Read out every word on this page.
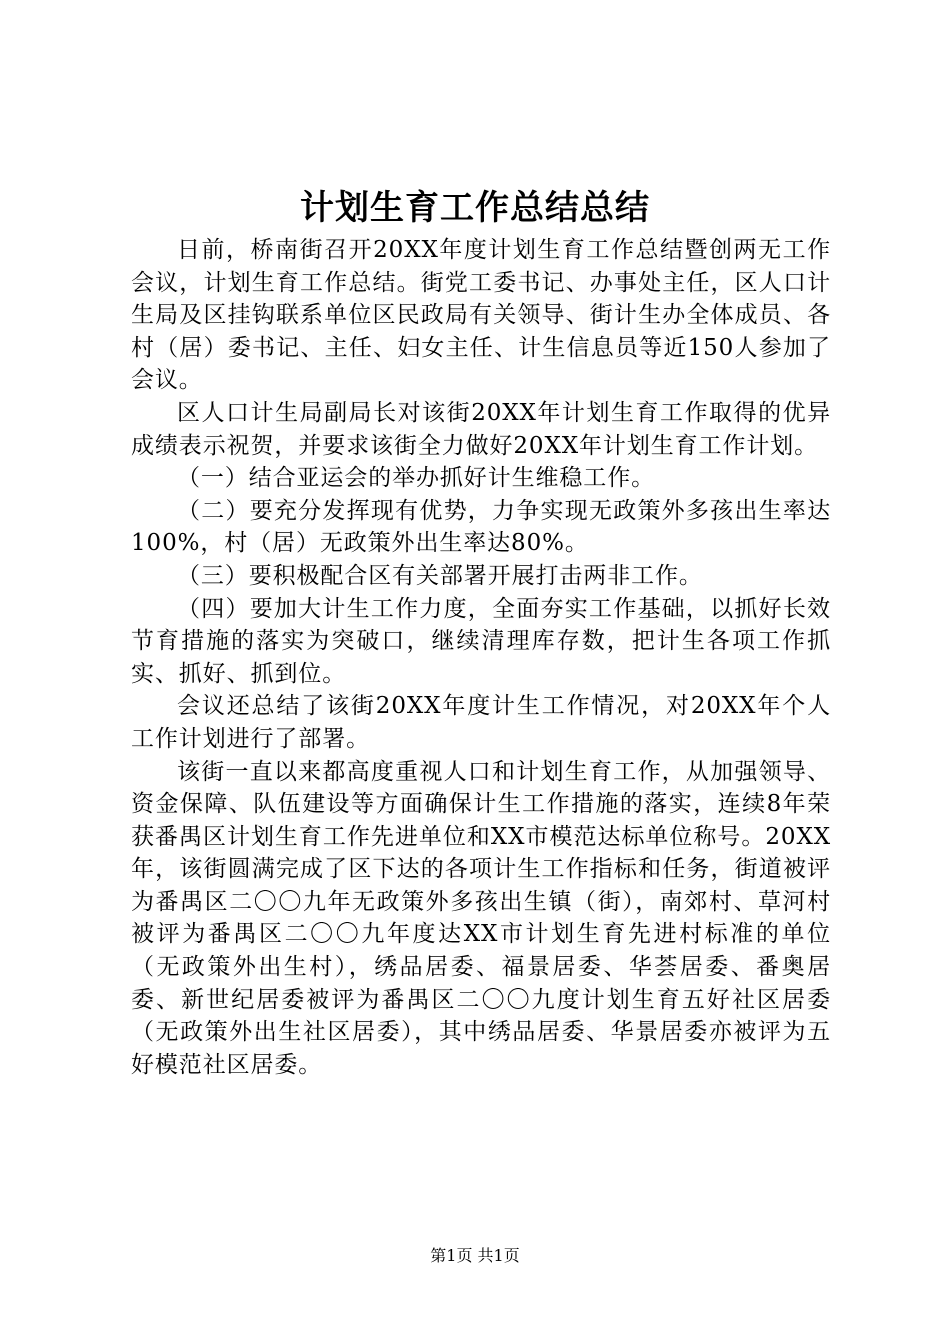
计划生育工作总结总结

日前，桥南街召开20XX年度计划生育工作总结暨创两无工作会议，计划生育工作总结。街党工委书记、办事处主任，区人口计生局及区挂钩联系单位区民政局有关领导、街计生办全体成员、各村（居）委书记、主任、妇女主任、计生信息员等近150人参加了会议。

区人口计生局副局长对该街20XX年计划生育工作取得的优异成绩表示祝贺，并要求该街全力做好20XX年计划生育工作计划。

（一）结合亚运会的举办抓好计生维稳工作。

（二）要充分发挥现有优势，力争实现无政策外多孩出生率达100%，村（居）无政策外出生率达80%。

（三）要积极配合区有关部署开展打击两非工作。

（四）要加大计生工作力度，全面夯实工作基础，以抓好长效节育措施的落实为突破口，继续清理库存数，把计生各项工作抓实、抓好、抓到位。

会议还总结了该街20XX年度计生工作情况，对20XX年个人工作计划进行了部署。

该街一直以来都高度重视人口和计划生育工作，从加强领导、资金保障、队伍建设等方面确保计生工作措施的落实，连续8年荣获番禺区计划生育工作先进单位和XX市模范达标单位称号。20XX年，该街圆满完成了区下达的各项计生工作指标和任务，街道被评为番禺区二〇〇九年无政策外多孩出生镇（街），南郊村、草河村被评为番禺区二〇〇九年度达XX市计划生育先进村标准的单位（无政策外出生村），绣品居委、福景居委、华荟居委、番奥居委、新世纪居委被评为番禺区二〇〇九度计划生育五好社区居委（无政策外出生社区居委），其中绣品居委、华景居委亦被评为五好模范社区居委。

第1页 共1页
